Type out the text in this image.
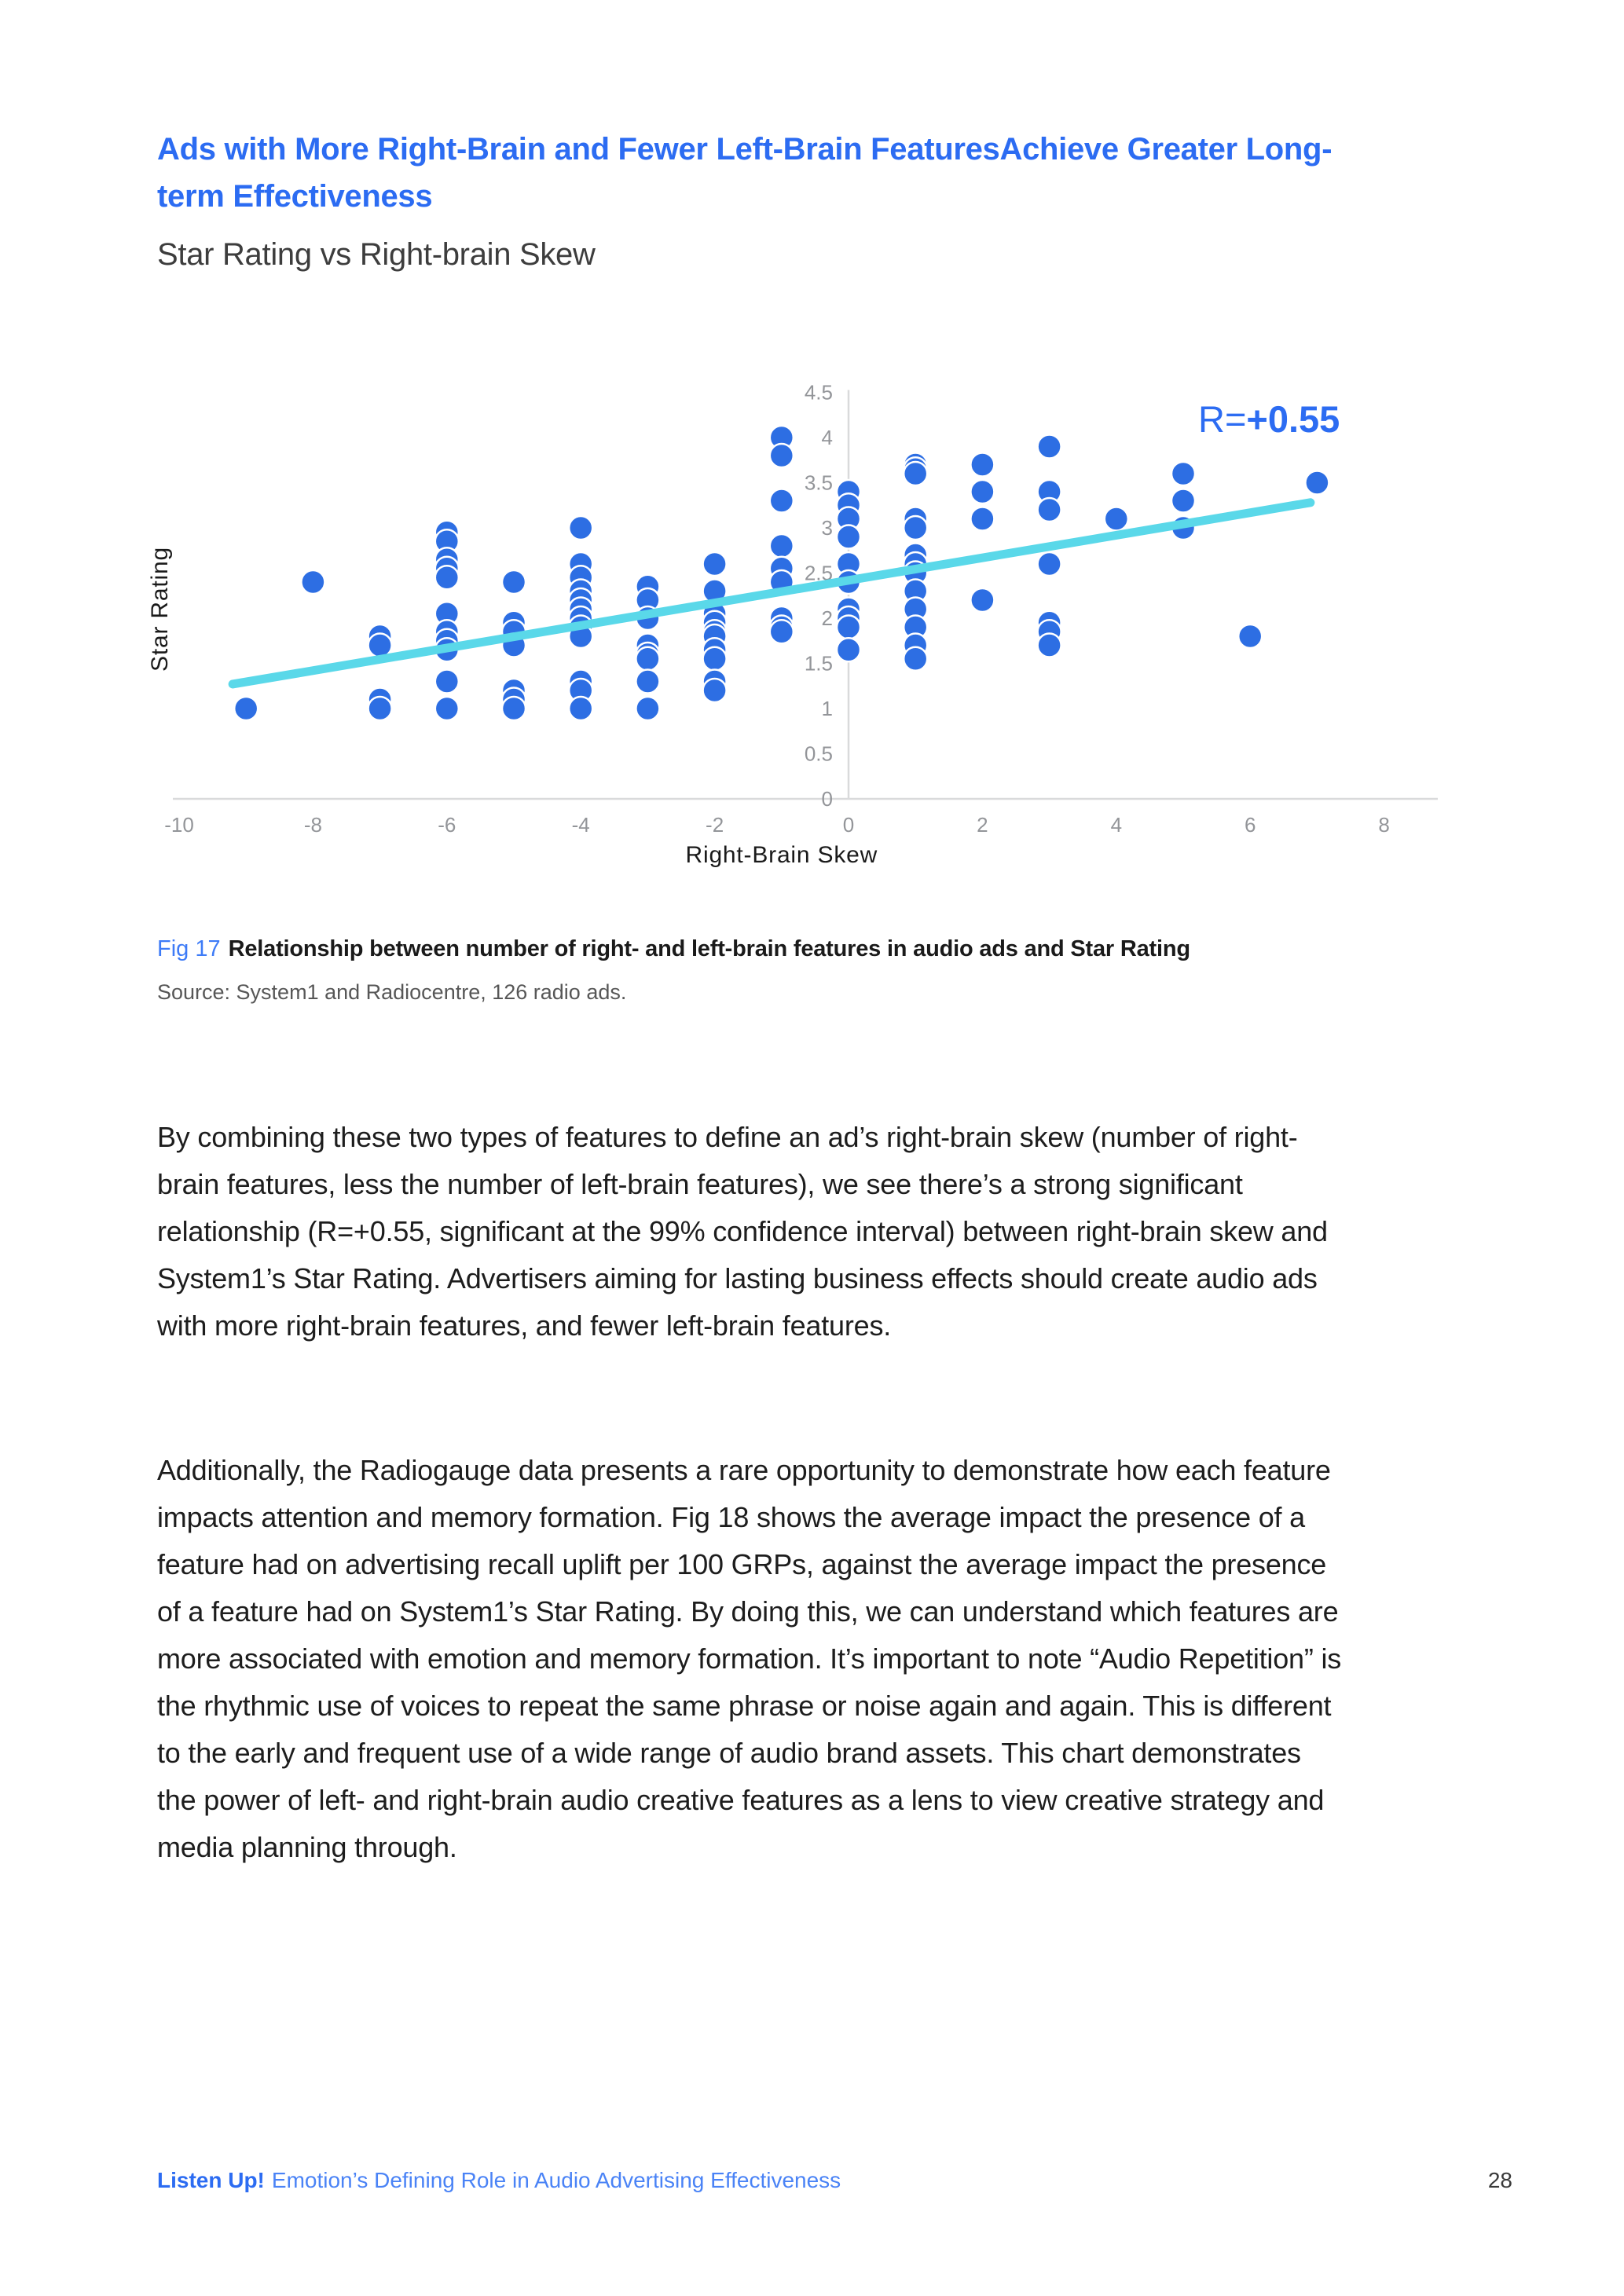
Ads with More Right-Brain and Fewer Left-Brain FeaturesAchieve Greater Long-
term Effectiveness
Star Rating vs Right-brain Skew
-10	-8	-6	-4	-2	0	2	4	6	8
0
0.5
1
1.5
2
2.5
3
3.5
4
4.5
Right-Brain Skew
Star Rating
R=+0.55
Fig 17 Relationship between number of right- and left-brain features in audio ads and Star Rating
Source: System1 and Radiocentre, 126 radio ads.
By combining these two types of features to define an ad’s right-brain skew (number of right-brain features, less the number of left-brain features), we see there’s a strong significant relationship (R=+0.55, significant at the 99% confidence interval) between right-brain skew and System1’s Star Rating. Advertisers aiming for lasting business effects should create audio ads with more right-brain features, and fewer left-brain features.
Additionally, the Radiogauge data presents a rare opportunity to demonstrate how each feature impacts attention and memory formation. Fig 18 shows the average impact the presence of a feature had on advertising recall uplift per 100 GRPs, against the average impact the presence of a feature had on System1’s Star Rating. By doing this, we can understand which features are more associated with emotion and memory formation. It’s important to note “Audio Repetition” is the rhythmic use of voices to repeat the same phrase or noise again and again. This is different to the early and frequent use of a wide range of audio brand assets. This chart demonstrates the power of left- and right-brain audio creative features as a lens to view creative strategy and media planning through.
Listen Up! Emotion’s Defining Role in Audio Advertising Effectiveness	28
